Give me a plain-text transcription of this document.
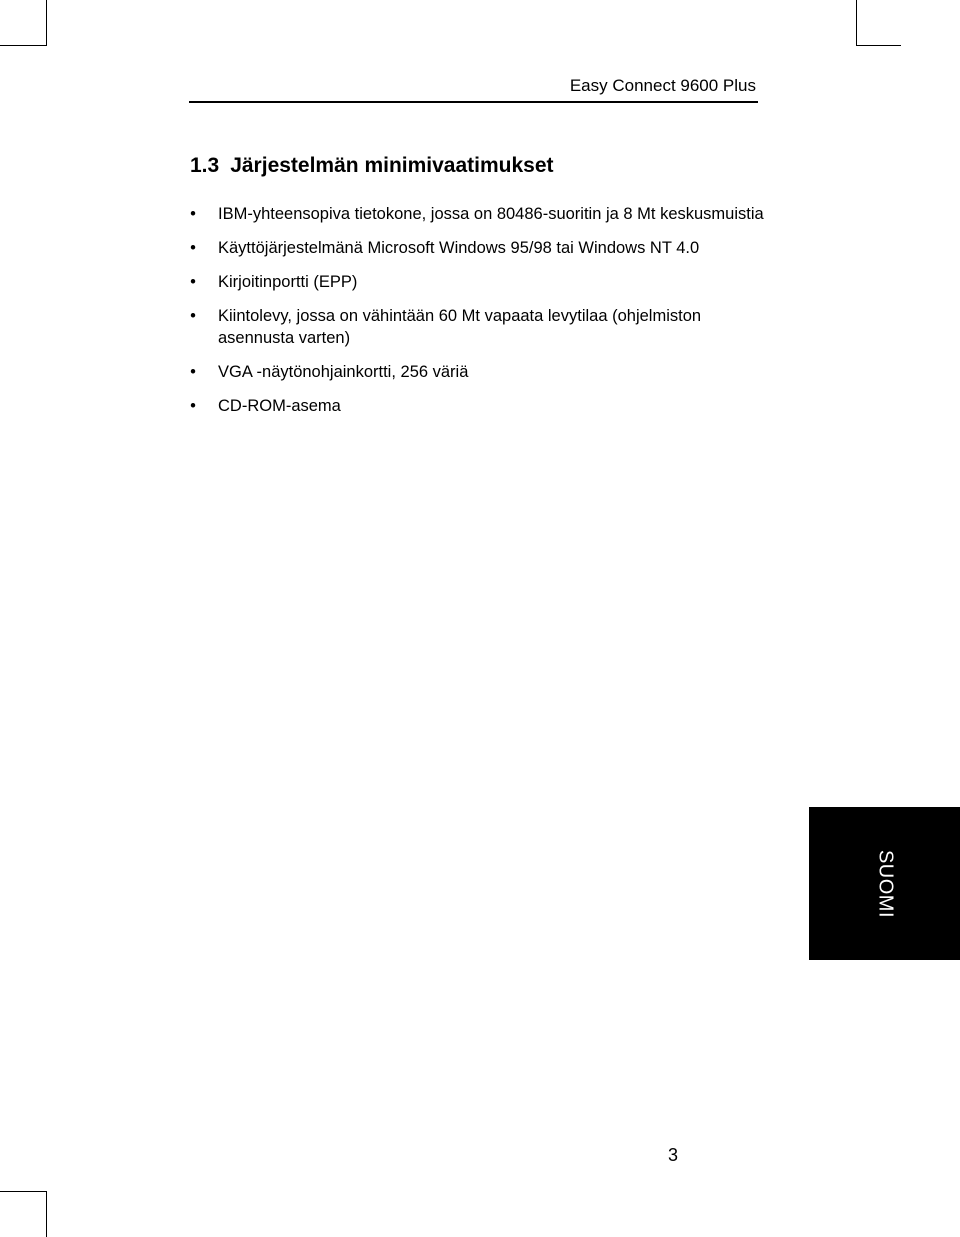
Easy Connect 9600 Plus
1.3 Järjestelmän minimivaatimukset
• IBM-yhteensopiva tietokone, jossa on 80486-suoritin ja 8 Mt keskusmuistia
• Käyttöjärjestelmänä Microsoft Windows 95/98 tai Windows NT 4.0
• Kirjoitinportti (EPP)
• Kiintolevy, jossa on vähintään 60 Mt vapaata levytilaa (ohjelmiston asennusta varten)
• VGA -näytönohjainkortti, 256 väriä
• CD-ROM-asema
SUOMI
3
